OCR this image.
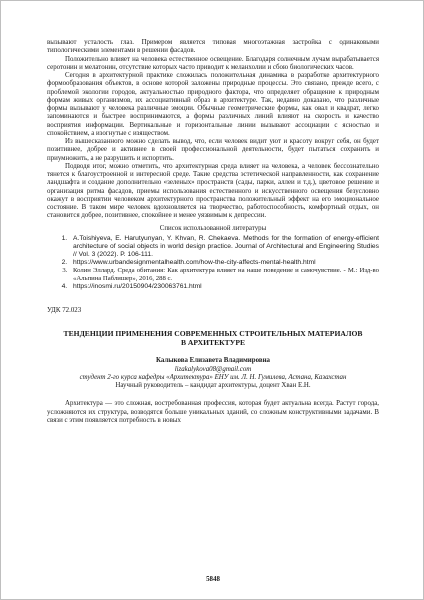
вызывают усталость глаз. Примером является типовая многоэтажная застройка с одинаковыми типологическими элементами в решении фасадов.

Положительно влияет на человека естественное освещение. Благодаря солнечным лучам вырабатывается серотонин и мелатонин, отсутствие которых часто приводит к меланхолии и сбою биологических часов.

Сегодня в архитектурной практике сложилась положительная динамика в разработке архитектурного формообразования объектов, в основе которой заложены природные процессы. Это связано, прежде всего, с проблемой экологии городов, актуальностью природного фактора, что определяет обращение к природным формам живых организмов, их ассоциативный образ в архитектуре. Так, недавно доказано, что различные формы вызывают у человека различные эмоции. Обычные геометрические формы, как овал и квадрат, легко запоминаются и быстрее воспринимаются, а формы различных линий влияют на скорость и качество восприятия информации. Вертикальные и горизонтальные линии вызывают ассоциации с ясностью и спокойствием, а изогнутые с изяществом.

Из вышесказанного можно сделать вывод, что, если человек видит уют и красоту вокруг себя, он будет позитивнее, добрее и активнее в своей профессиональной деятельности, будет пытаться сохранить и приумножить, а не разрушить и испортить.

Подводя итог, можно отметить, что архитектурная среда влияет на человека, а человек бессознательно тянется к благоустроенной и интересной среде. Такие средства эстетической направленности, как сохранение ландшафта и создание дополнительно «зеленых» пространств (сады, парки, аллеи и т.д.), цветовое решение и организация ритма фасадов, приемы использования естественного и искусственного освещения безусловно окажут в восприятии человеком архитектурного пространства положительный эффект на его эмоциональное состояние. В таком мире человек вдохновляется на творчество, работоспособность, комфортный отдых, он становится добрее, позитивнее, спокойнее и менее уязвимым к депрессии.

Список использованной литературы
1. A.Toishiyeva, E. Harutyunyan, Y. Khvan, R. Chekaeva. Methods for the formation of energy-efficient architecture of social objects in world design practice. Journal of Architectural and Engineering Studies // Vol. 3 (2022). P. 106-111.
2. https://www.urbandesignmentalhealth.com/how-the-city-affects-mental-health.html
3. Колин Эллард. Среда обитания: Как архитектура влияет на наше поведение и самочувствие. - М.: Изд-во «Альпина Паблишер», 2016, 288 с.
4. https://inosmi.ru/20150904/230063761.html
УДК 72.023
ТЕНДЕНЦИИ ПРИМЕНЕНИЯ СОВРЕМЕННЫХ СТРОИТЕЛЬНЫХ МАТЕРИАЛОВ
В АРХИТЕКТУРЕ
Калыкова Елизавета Владимировна
lizakalykova08@gmail.com
студент 2-го курса кафедры «Архитектура» ЕНУ им. Л. Н. Гумилева, Астана, Казахстан
Научный руководитель – кандидат архитектуры, доцент Хван Е.Н.

Архитектура — это сложная, востребованная профессия, которая будет актуальна всегда. Растут города, усложняются их структура, возводятся больше уникальных зданий, со сложным конструктивными задачами. В связи с этим появляется потребность в новых

5848
